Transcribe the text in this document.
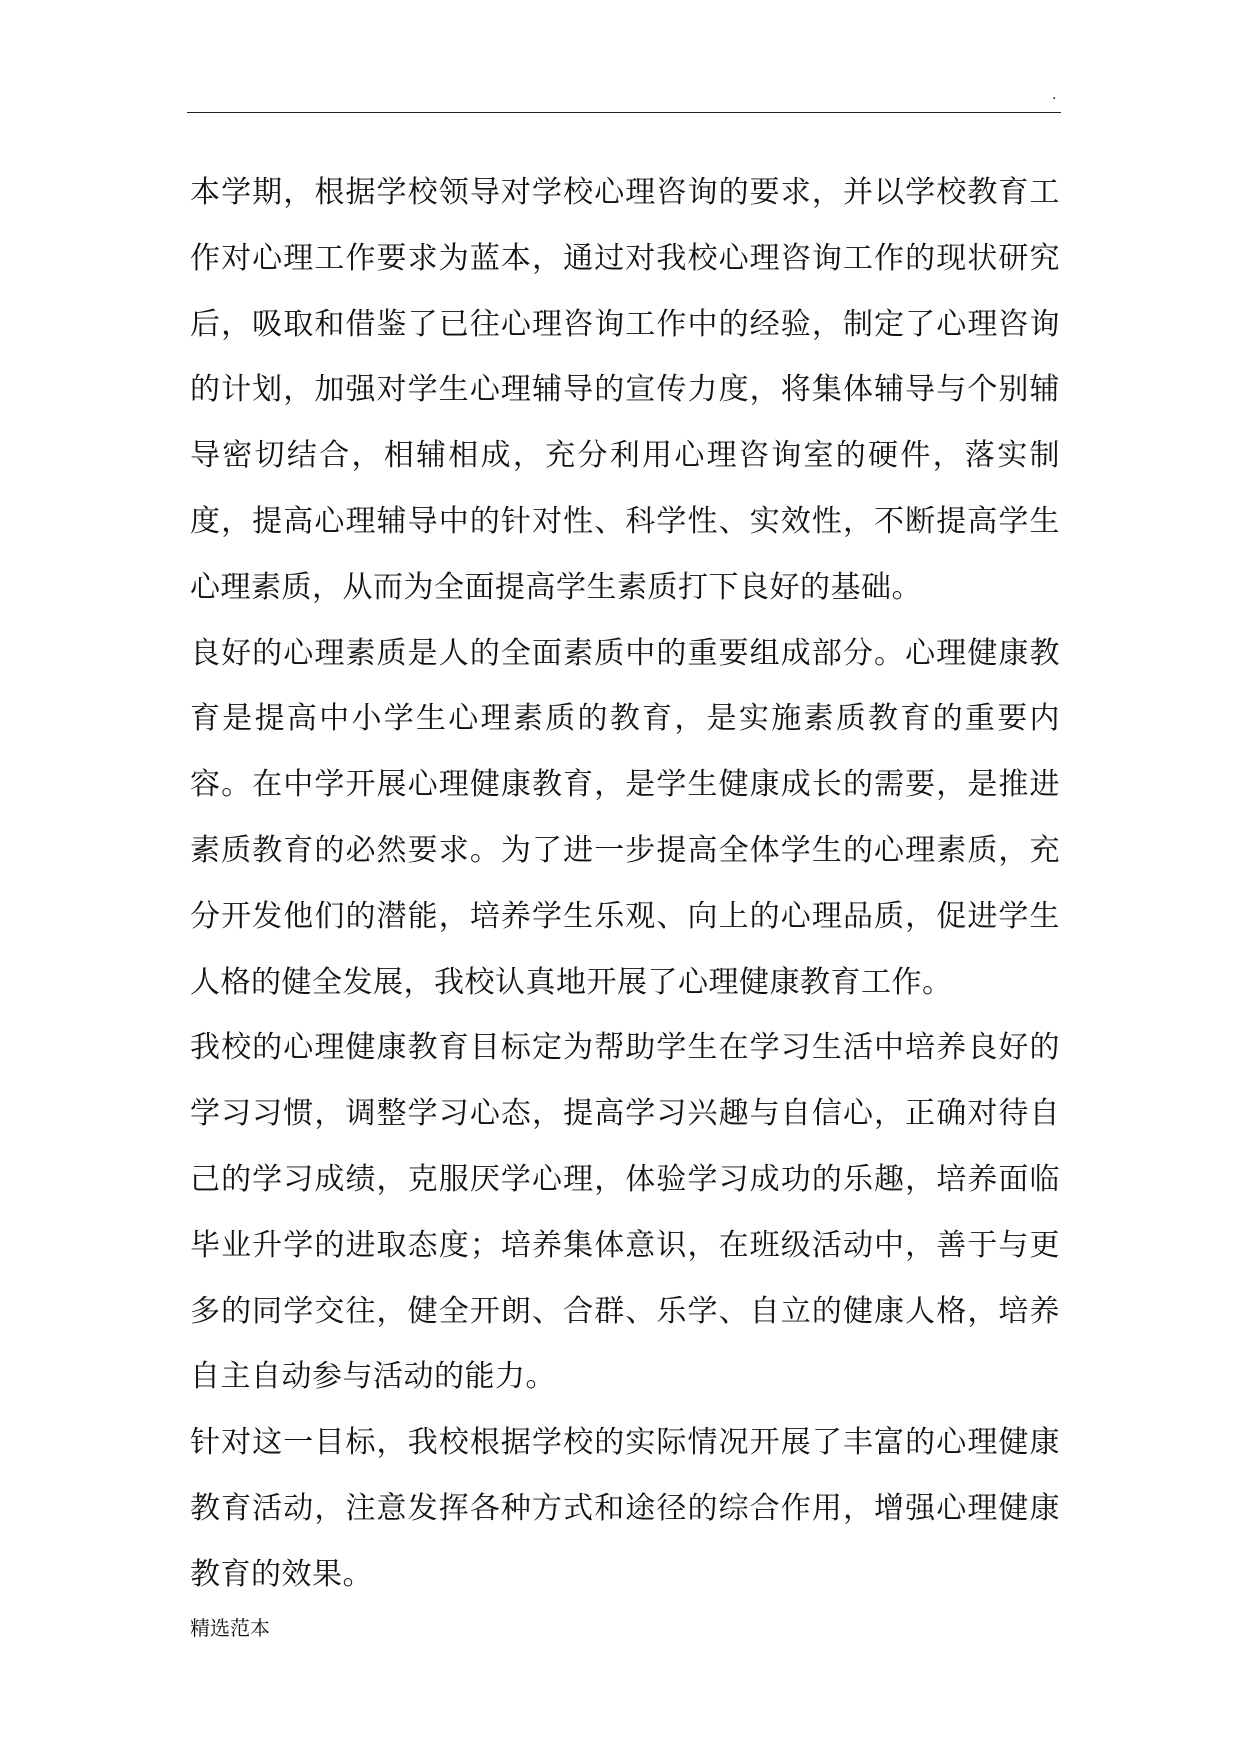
.

本学期，根据学校领导对学校心理咨询的要求，并以学校教育工作对心理工作要求为蓝本，通过对我校心理咨询工作的现状研究后，吸取和借鉴了已往心理咨询工作中的经验，制定了心理咨询的计划，加强对学生心理辅导的宣传力度，将集体辅导与个别辅导密切结合，相辅相成，充分利用心理咨询室的硬件，落实制度，提高心理辅导中的针对性、科学性、实效性，不断提高学生心理素质，从而为全面提高学生素质打下良好的基础。

良好的心理素质是人的全面素质中的重要组成部分。心理健康教育是提高中小学生心理素质的教育，是实施素质教育的重要内容。在中学开展心理健康教育，是学生健康成长的需要，是推进素质教育的必然要求。为了进一步提高全体学生的心理素质，充分开发他们的潜能，培养学生乐观、向上的心理品质，促进学生人格的健全发展，我校认真地开展了心理健康教育工作。

我校的心理健康教育目标定为帮助学生在学习生活中培养良好的学习习惯，调整学习心态，提高学习兴趣与自信心，正确对待自己的学习成绩，克服厌学心理，体验学习成功的乐趣，培养面临毕业升学的进取态度；培养集体意识，在班级活动中，善于与更多的同学交往，健全开朗、合群、乐学、自立的健康人格，培养自主自动参与活动的能力。

针对这一目标，我校根据学校的实际情况开展了丰富的心理健康教育活动，注意发挥各种方式和途径的综合作用，增强心理健康教育的效果。

精选范本
